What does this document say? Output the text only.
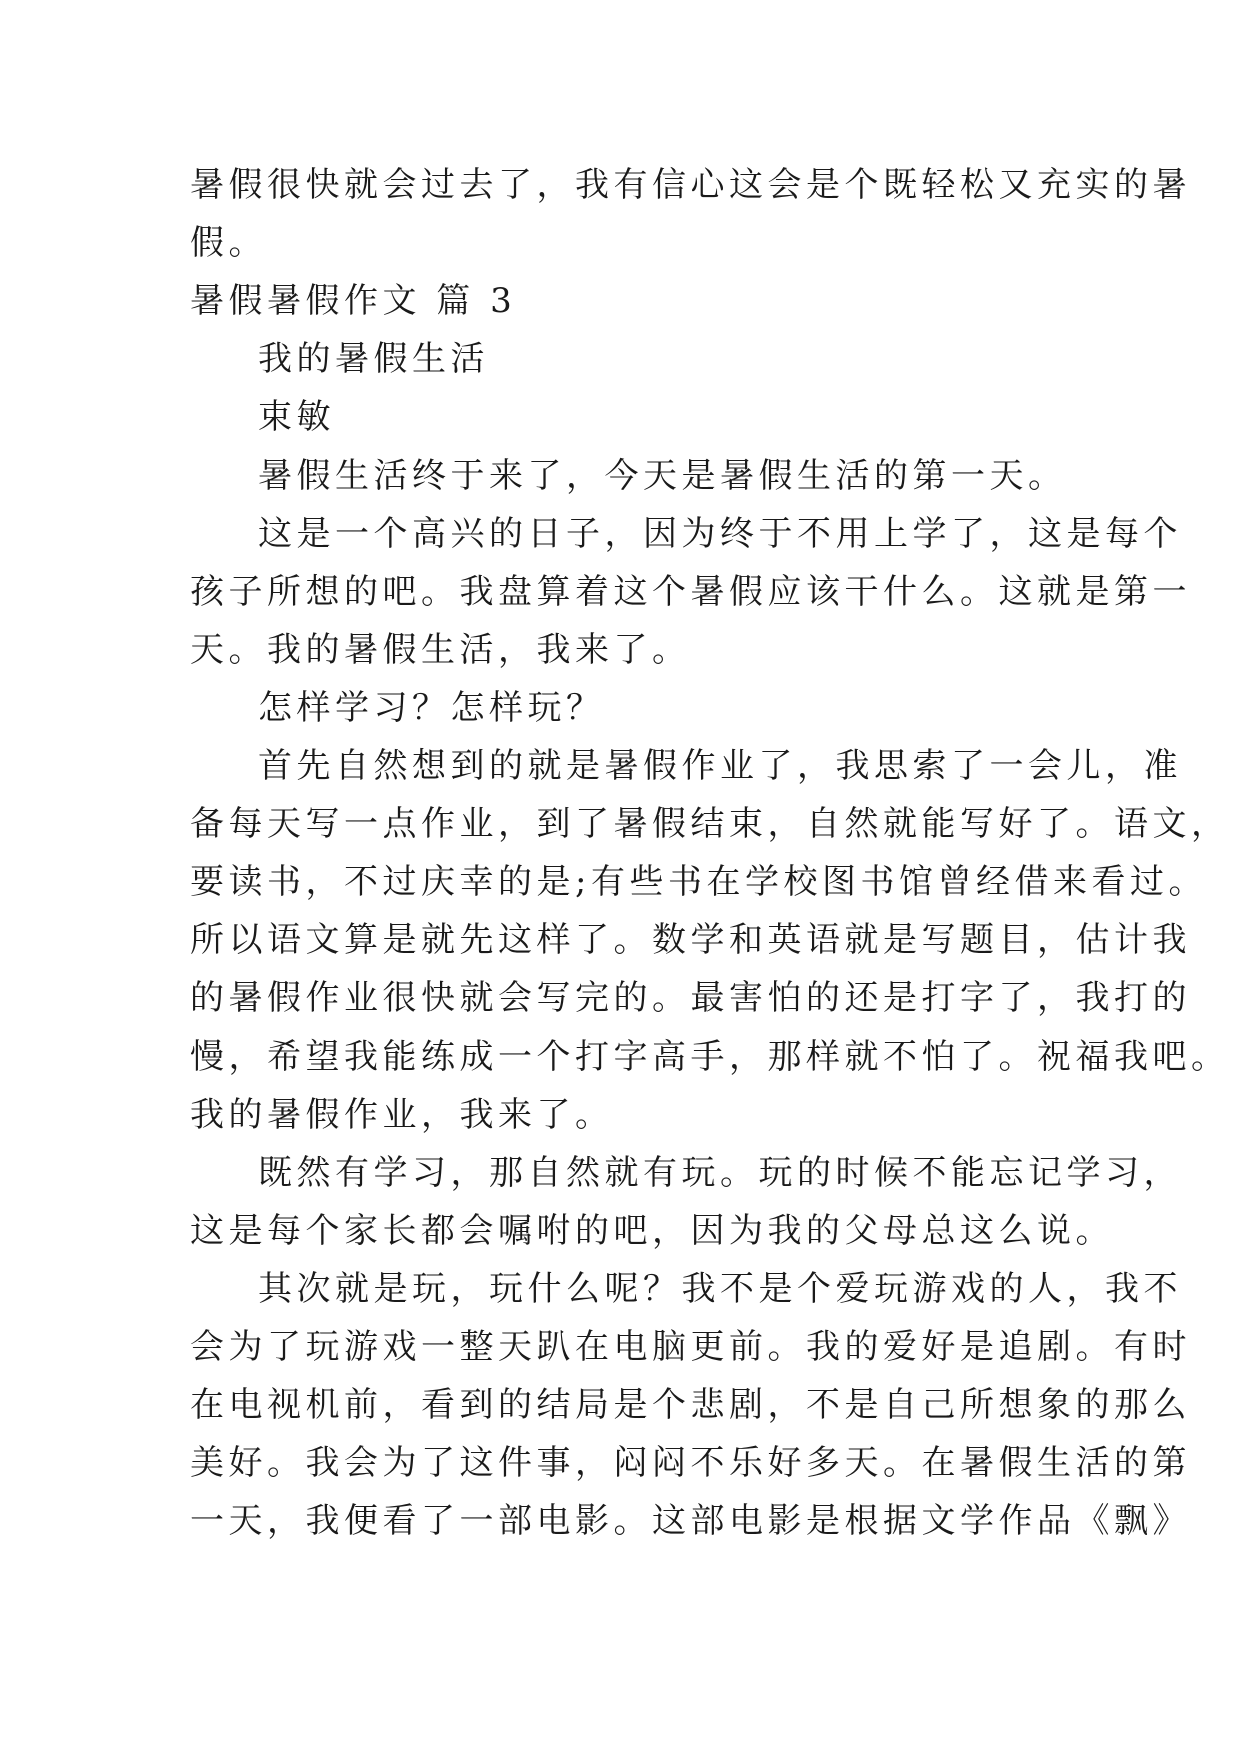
暑假很快就会过去了，我有信心这会是个既轻松又充实的暑
假。
暑假暑假作文 篇 3
我的暑假生活
束敏
暑假生活终于来了，今天是暑假生活的第一天。
这是一个高兴的日子，因为终于不用上学了，这是每个
孩子所想的吧。我盘算着这个暑假应该干什么。这就是第一
天。我的暑假生活，我来了。
怎样学习？怎样玩？
首先自然想到的就是暑假作业了，我思索了一会儿，准
备每天写一点作业，到了暑假结束，自然就能写好了。语文，
要读书，不过庆幸的是;有些书在学校图书馆曾经借来看过。
所以语文算是就先这样了。数学和英语就是写题目，估计我
的暑假作业很快就会写完的。最害怕的还是打字了，我打的
慢，希望我能练成一个打字高手，那样就不怕了。祝福我吧。
我的暑假作业，我来了。
既然有学习，那自然就有玩。玩的时候不能忘记学习，
这是每个家长都会嘱咐的吧，因为我的父母总这么说。
其次就是玩，玩什么呢？我不是个爱玩游戏的人，我不
会为了玩游戏一整天趴在电脑更前。我的爱好是追剧。有时
在电视机前，看到的结局是个悲剧，不是自己所想象的那么
美好。我会为了这件事，闷闷不乐好多天。在暑假生活的第
一天，我便看了一部电影。这部电影是根据文学作品《飘》
